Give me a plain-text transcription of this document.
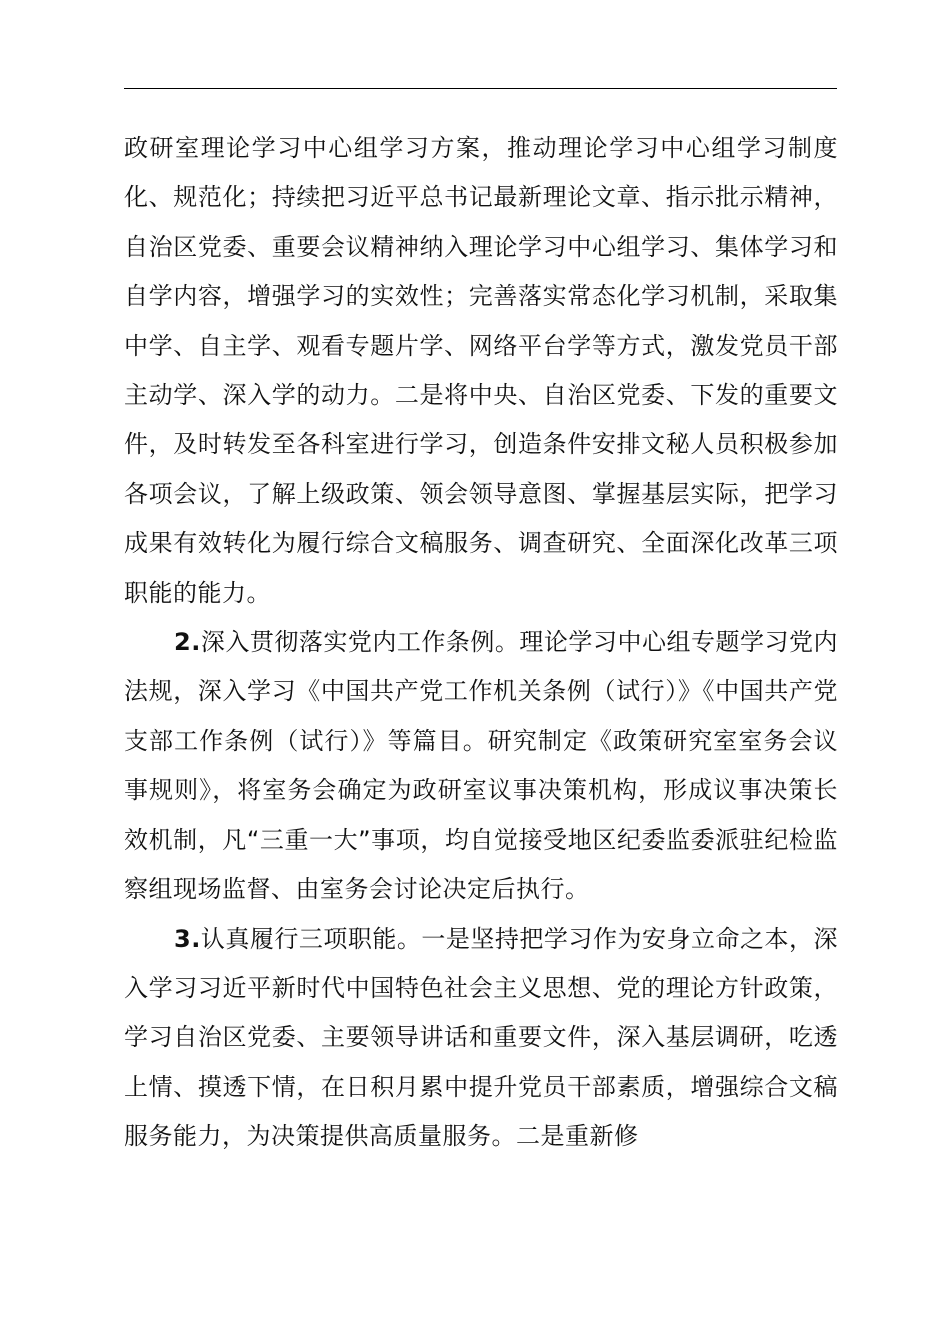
政研室理论学习中心组学习方案，推动理论学习中心组学习制度化、规范化；持续把习近平总书记最新理论文章、指示批示精神，自治区党委、重要会议精神纳入理论学习中心组学习、集体学习和自学内容，增强学习的实效性；完善落实常态化学习机制，采取集中学、自主学、观看专题片学、网络平台学等方式，激发党员干部主动学、深入学的动力。二是将中央、自治区党委、下发的重要文件，及时转发至各科室进行学习，创造条件安排文秘人员积极参加各项会议，了解上级政策、领会领导意图、掌握基层实际，把学习成果有效转化为履行综合文稿服务、调查研究、全面深化改革三项职能的能力。

2.深入贯彻落实党内工作条例。理论学习中心组专题学习党内法规，深入学习《中国共产党工作机关条例（试行）》《中国共产党支部工作条例（试行）》等篇目。研究制定《政策研究室室务会议事规则》，将室务会确定为政研室议事决策机构，形成议事决策长效机制，凡“三重一大”事项，均自觉接受地区纪委监委派驻纪检监察组现场监督、由室务会讨论决定后执行。

3.认真履行三项职能。一是坚持把学习作为安身立命之本，深入学习习近平新时代中国特色社会主义思想、党的理论方针政策，学习自治区党委、主要领导讲话和重要文件，深入基层调研，吃透上情、摸透下情，在日积月累中提升党员干部素质，增强综合文稿服务能力，为决策提供高质量服务。二是重新修
